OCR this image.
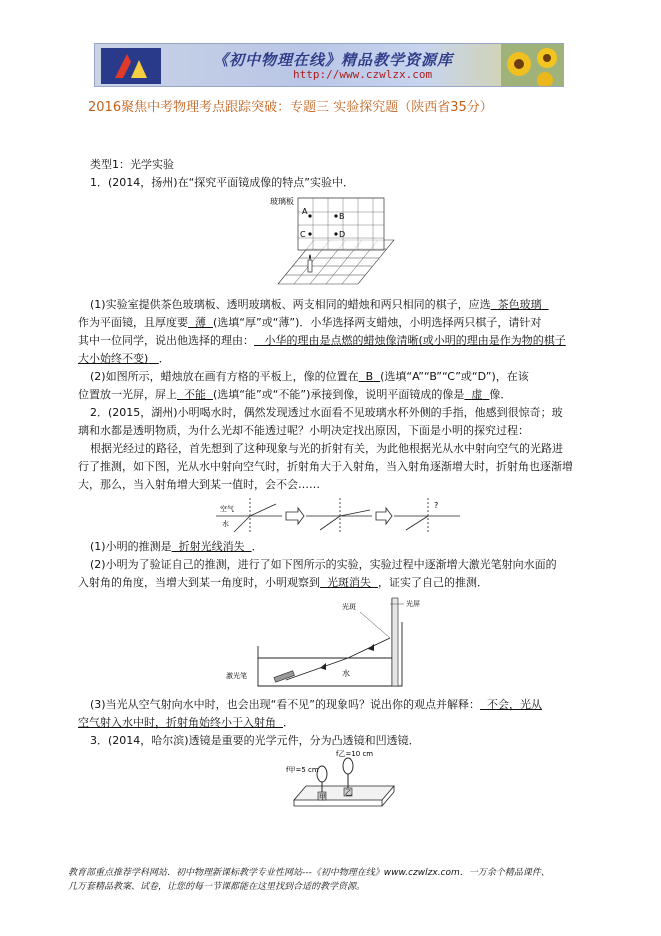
《初中物理在线》精品教学资源库
http://www.czwlzx.com
2016聚焦中考物理考点跟踪突破：专题三 实验探究题（陕西省35分）
类型1：光学实验
1．(2014，扬州)在“探究平面镜成像的特点”实验中．
玻璃板
A
B
C	D
(1)实验室提供茶色玻璃板、透明玻璃板、两支相同的蜡烛和两只相同的棋子，应选 茶色玻璃
作为平面镜，且厚度要 薄 (选填“厚”或“薄”)．小华选择两支蜡烛，小明选择两只棋子，请针对
其中一位同学，说出他选择的理由： 小华的理由是点燃的蜡烛像清晰(或小明的理由是作为物的棋子
大小始终不变) ．
(2)如图所示，蜡烛放在画有方格的平板上，像的位置在 B (选填“A”“B”“C”或“D”)，在该
位置放一光屏，屏上 不能 (选填“能”或“不能”)承接到像，说明平面镜成的像是 虚 像．
2．(2015，湖州)小明喝水时，偶然发现透过水面看不见玻璃水杯外侧的手指，他感到很惊奇；玻
璃和水都是透明物质，为什么光却不能透过呢？小明决定找出原因，下面是小明的探究过程：
根据光经过的路径，首先想到了这种现象与光的折射有关，为此他根据光从水中射向空气的光路进
行了推测，如下图，光从水中射向空气时，折射角大于入射角，当入射角逐渐增大时，折射角也逐渐增
大，那么，当入射角增大到某一值时，会不会……
空气
水
?
(1)小明的推测是 折射光线消失 ．
(2)小明为了验证自己的推测，进行了如下图所示的实验，实验过程中逐渐增大激光笔射向水面的
入射角的角度，当增大到某一角度时，小明观察到 光斑消失 ，证实了自己的推测．
光斑	光屏
激光笔	水
(3)当光从空气射向水中时，也会出现“看不见”的现象吗？说出你的观点并解释： 不会，光从
空气射入水中时，折射角始终小于入射角 ．
3．(2014，哈尔滨)透镜是重要的光学元件，分为凸透镜和凹透镜．
f甲=5 cm
f乙=10 cm
甲	乙
教育部重点推荐学科网站．初中物理新课标教学专业性网站---《初中物理在线》www.czwlzx.com．一万余个精品课件、
几万套精品教案、试卷，让您的每一节课都能在这里找到合适的教学资源。
